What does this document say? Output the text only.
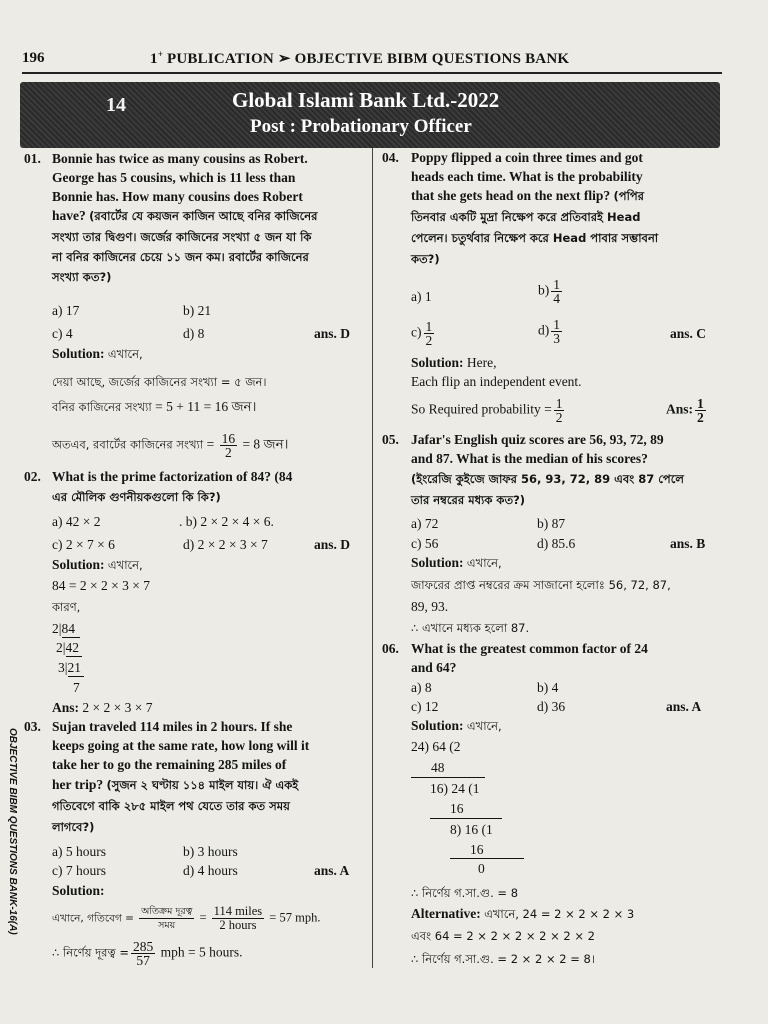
196	1+ PUBLICATION ➢ OBJECTIVE BIBM QUESTIONS BANK
14	Global Islami Bank Ltd.-2022
Post : Probationary Officer
OBJECTIVE BIBM QUESTIONS BANK-16(A)
01. Bonnie has twice as many cousins as Robert.
George has 5 cousins, which is 11 less than
Bonnie has. How many cousins does Robert
have? (রবার্টের যে কয়জন কাজিন আছে বনির কাজিনের
সংখ্যা তার দ্বিগুণ। জর্জের কাজিনের সংখ্যা ৫ জন যা কি
না বনির কাজিনের চেয়ে ১১ জন কম। রবার্টের কাজিনের
সংখ্যা কত?)
a) 17	b) 21
c) 4	d) 8	ans. D
Solution: এখানে,
দেয়া আছে, জর্জের কাজিনের সংখ্যা = ৫ জন।
বনির কাজিনের সংখ্যা = 5 + 11 = 16 জন।
অতএব, রবার্টের কাজিনের সংখ্যা = $\frac{16}{2} = 8$ জন।
02. What is the prime factorization of 84? (84
এর মৌলিক গুণনীয়কগুলো কি কি?)
a) 42 × 2	. b) 2 × 2 × 4 × 6.
c) 2 × 7 × 6	d) 2 × 2 × 3 × 7	ans. D
Solution: এখানে,
84 = 2 × 2 × 3 × 7
কারণ,
2|84
2|42
3|21
7
Ans: 2 × 2 × 3 × 7
03. Sujan traveled 114 miles in 2 hours. If she
keeps going at the same rate, how long will it
take her to go the remaining 285 miles of
her trip? (সুজন ২ ঘণ্টায় ১১৪ মাইল যায়। ঐ একই
গতিবেগে বাকি ২৮৫ মাইল পথ যেতে তার কত সময়
লাগবে?)
a) 5 hours	b) 3 hours
c) 7 hours	d) 4 hours	ans. A
Solution:
এখানে, গতিবেগ = $\frac{\text{অতিক্রম দূরত্ব}}{\text{সময়}} = \frac{\text{114 miles}}{\text{2 hours}} = 57$ mph.
∴ নির্ণেয় দূরত্ব = $\frac{285}{57}$ mph = 5 hours.
04. Poppy flipped a coin three times and got
heads each time. What is the probability
that she gets head on the next flip? (পপির
তিনবার একটি মুদ্রা নিক্ষেপ করে প্রতিবারই Head
পেলেন। চতুর্থবার নিক্ষেপ করে Head পাবার সম্ভাবনা
কত?)
a) 1	$b) \frac{1}{4}$
$c) \frac{1}{2}$	$d) \frac{1}{3}$	ans. C
Solution: Here,
Each flip an independent event.
So Required probability = $\frac{1}{2}$	Ans: $\frac{1}{2}$
05. Jafar's English quiz scores are 56, 93, 72, 89
and 87. What is the median of his scores?
(ইংরেজি কুইজে জাফর 56, 93, 72, 89 এবং 87 পেলে
তার নম্বরের মধ্যক কত?)
a) 72	b) 87
c) 56	d) 85.6	ans. B
Solution: এখানে,
জাফরের প্রাপ্ত নম্বরের ক্রম সাজানো হলোঃ 56, 72, 87,
89, 93.
∴ এখানে মধ্যক হলো 87.
06. What is the greatest common factor of 24
and 64?
a) 8	b) 4
c) 12	d) 36	ans. A
Solution: এখানে,
24) 64 (2
48
16) 24 (1
16
8) 16 (1
16
0
∴ নির্ণেয় গ.সা.গু. = 8
Alternative: এখানে, 24 = 2 × 2 × 2 × 3
এবং 64 = 2 × 2 × 2 × 2 × 2 × 2
∴ নির্ণেয় গ.সা.গু. = 2 × 2 × 2 = 8।
